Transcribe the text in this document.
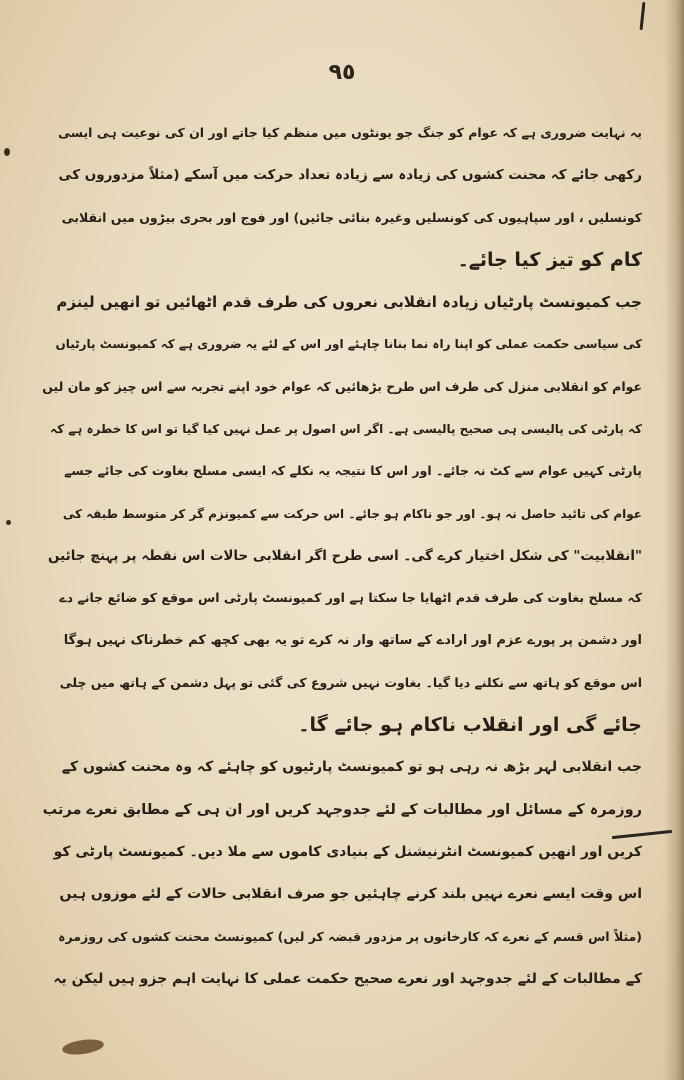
٩٥
یہ نہایت ضروری ہے کہ عوام کو جنگ جو یونٹوں میں منظم کیا جاتے اور ان کی نوعیت ہی ایسی
رکھی جائے کہ محنت کشوں کی زیادہ سے زیادہ تعداد حرکت میں آسکے (مثلاً مزدوروں کی
کونسلیں ، اور سپاہیوں کی کونسلیں وغیرہ بنائی جائیں) اور فوج اور بحری بیڑوں میں انقلابی
کام کو تیز کیا جائے۔
جب کمیونسٹ پارٹیاں زیادہ انقلابی نعروں کی طرف قدم اٹھائیں تو انھیں لینزم
کی سیاسی حکمت عملی کو اپنا راہ نما بنانا چاہئے اور اس کے لئے یہ ضروری ہے کہ کمیونسٹ پارٹیاں
عوام کو انقلابی منزل کی طرف اس طرح بڑھائیں کہ عوام خود اپنے تجربہ سے اس چیز کو مان لیں
کہ پارٹی کی پالیسی ہی صحیح پالیسی ہے۔ اگر اس اصول پر عمل نہیں کیا گیا تو اس کا خطرہ ہے کہ
پارٹی کہیں عوام سے کٹ نہ جائے۔ اور اس کا نتیجہ یہ نکلے کہ ایسی مسلح بغاوت کی جائے جسے
عوام کی تائید حاصل نہ ہو۔ اور جو ناکام ہو جائے۔ اس حرکت سے کمیونزم گر کر متوسط طبقہ کی
"انقلابیت" کی شکل اختیار کرے گی۔ اسی طرح اگر انقلابی حالات اس نقطہ پر پہنچ جائیں
کہ مسلح بغاوت کی طرف قدم اٹھایا جا سکتا ہے اور کمیونسٹ پارٹی اس موقع کو ضائع جانے دے
اور دشمن پر پورے عزم اور ارادے کے ساتھ وار نہ کرے تو یہ بھی کچھ کم خطرناک نہیں ہوگا
اس موقع کو ہاتھ سے نکلنے دیا گیا۔ بغاوت نہیں شروع کی گئی تو پہل دشمن کے ہاتھ میں چلی
جائے گی اور انقلاب ناکام ہو جائے گا۔
جب انقلابی لہر بڑھ نہ رہی ہو تو کمیونسٹ پارٹیوں کو چاہئے کہ وہ محنت کشوں کے
روزمرہ کے مسائل اور مطالبات کے لئے جدوجہد کریں اور ان ہی کے مطابق نعرے مرتب
کریں اور انھیں کمیونسٹ انٹرنیشنل کے بنیادی کاموں سے ملا دیں۔ کمیونسٹ پارٹی کو
اس وقت ایسے نعرے نہیں بلند کرنے چاہئیں جو صرف انقلابی حالات کے لئے موزوں ہیں
(مثلاً اس قسم کے نعرے کہ کارخانوں پر مزدور قبضہ کر لیں) کمیونسٹ محنت کشوں کی روزمرہ
کے مطالبات کے لئے جدوجہد اور نعرے صحیح حکمت عملی کا نہایت اہم جزو ہیں لیکن یہ
